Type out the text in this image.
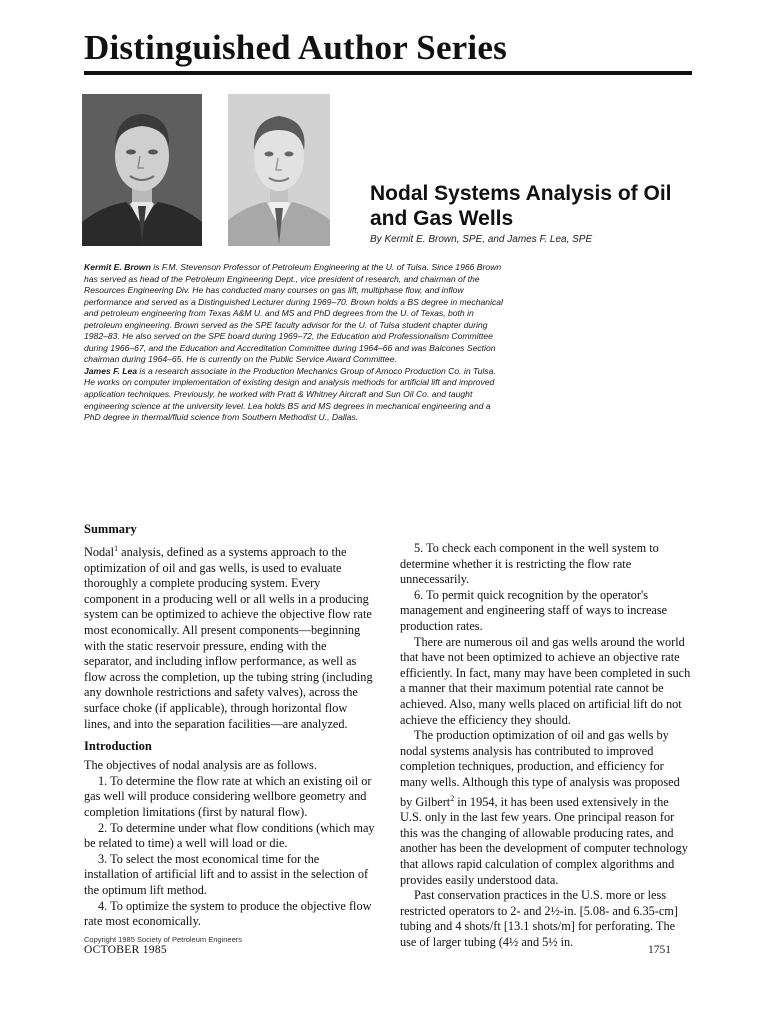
Distinguished Author Series
Nodal Systems Analysis of Oil and Gas Wells
By Kermit E. Brown, SPE, and James F. Lea, SPE

Kermit E. Brown is F.M. Stevenson Professor of Petroleum Engineering at the U. of Tulsa. Since 1966 Brown has served as head of the Petroleum Engineering Dept., vice president of research, and chairman of the Resources Engineering Div. He has conducted many courses on gas lift, multiphase flow, and inflow performance and served as a Distinguished Lecturer during 1969–70. Brown holds a BS degree in mechanical and petroleum engineering from Texas A&M U. and MS and PhD degrees from the U. of Texas, both in petroleum engineering. Brown served as the SPE faculty advisor for the U. of Tulsa student chapter during 1982–83. He also served on the SPE board during 1969–72, the Education and Professionalism Committee during 1966–67, and the Education and Accreditation Committee during 1964–66 and was Balcones Section chairman during 1964–65. He is currently on the Public Service Award Committee.

James F. Lea is a research associate in the Production Mechanics Group of Amoco Production Co. in Tulsa. He works on computer implementation of existing design and analysis methods for artificial lift and improved application techniques. Previously, he worked with Pratt & Whitney Aircraft and Sun Oil Co. and taught engineering science at the university level. Lea holds BS and MS degrees in mechanical engineering and a PhD degree in thermal/fluid science from Southern Methodist U., Dallas.

Summary

Nodal$^1$ analysis, defined as a systems approach to the optimization of oil and gas wells, is used to evaluate thoroughly a complete producing system. Every component in a producing well or all wells in a producing system can be optimized to achieve the objective flow rate most economically. All present components—beginning with the static reservoir pressure, ending with the separator, and including inflow performance, as well as flow across the completion, up the tubing string (including any downhole restrictions and safety valves), across the surface choke (if applicable), through horizontal flow lines, and into the separation facilities—are analyzed.

Introduction

The objectives of nodal analysis are as follows.

1. To determine the flow rate at which an existing oil or gas well will produce considering wellbore geometry and completion limitations (first by natural flow).

2. To determine under what flow conditions (which may be related to time) a well will load or die.

3. To select the most economical time for the installation of artificial lift and to assist in the selection of the optimum lift method.

4. To optimize the system to produce the objective flow rate most economically.

Copyright 1985 Society of Petroleum Engineers

5. To check each component in the well system to determine whether it is restricting the flow rate unnecessarily.

6. To permit quick recognition by the operator's management and engineering staff of ways to increase production rates.

There are numerous oil and gas wells around the world that have not been optimized to achieve an objective rate efficiently. In fact, many may have been completed in such a manner that their maximum potential rate cannot be achieved. Also, many wells placed on artificial lift do not achieve the efficiency they should.

The production optimization of oil and gas wells by nodal systems analysis has contributed to improved completion techniques, production, and efficiency for many wells. Although this type of analysis was proposed by Gilbert$^2$ in 1954, it has been used extensively in the U.S. only in the last few years. One principal reason for this was the changing of allowable producing rates, and another has been the development of computer technology that allows rapid calculation of complex algorithms and provides easily understood data.

Past conservation practices in the U.S. more or less restricted operators to 2- and 2½-in. [5.08- and 6.35-cm] tubing and 4 shots/ft [13.1 shots/m] for perforating. The use of larger tubing (4½ and 5½ in.

OCTOBER 1985	1751
